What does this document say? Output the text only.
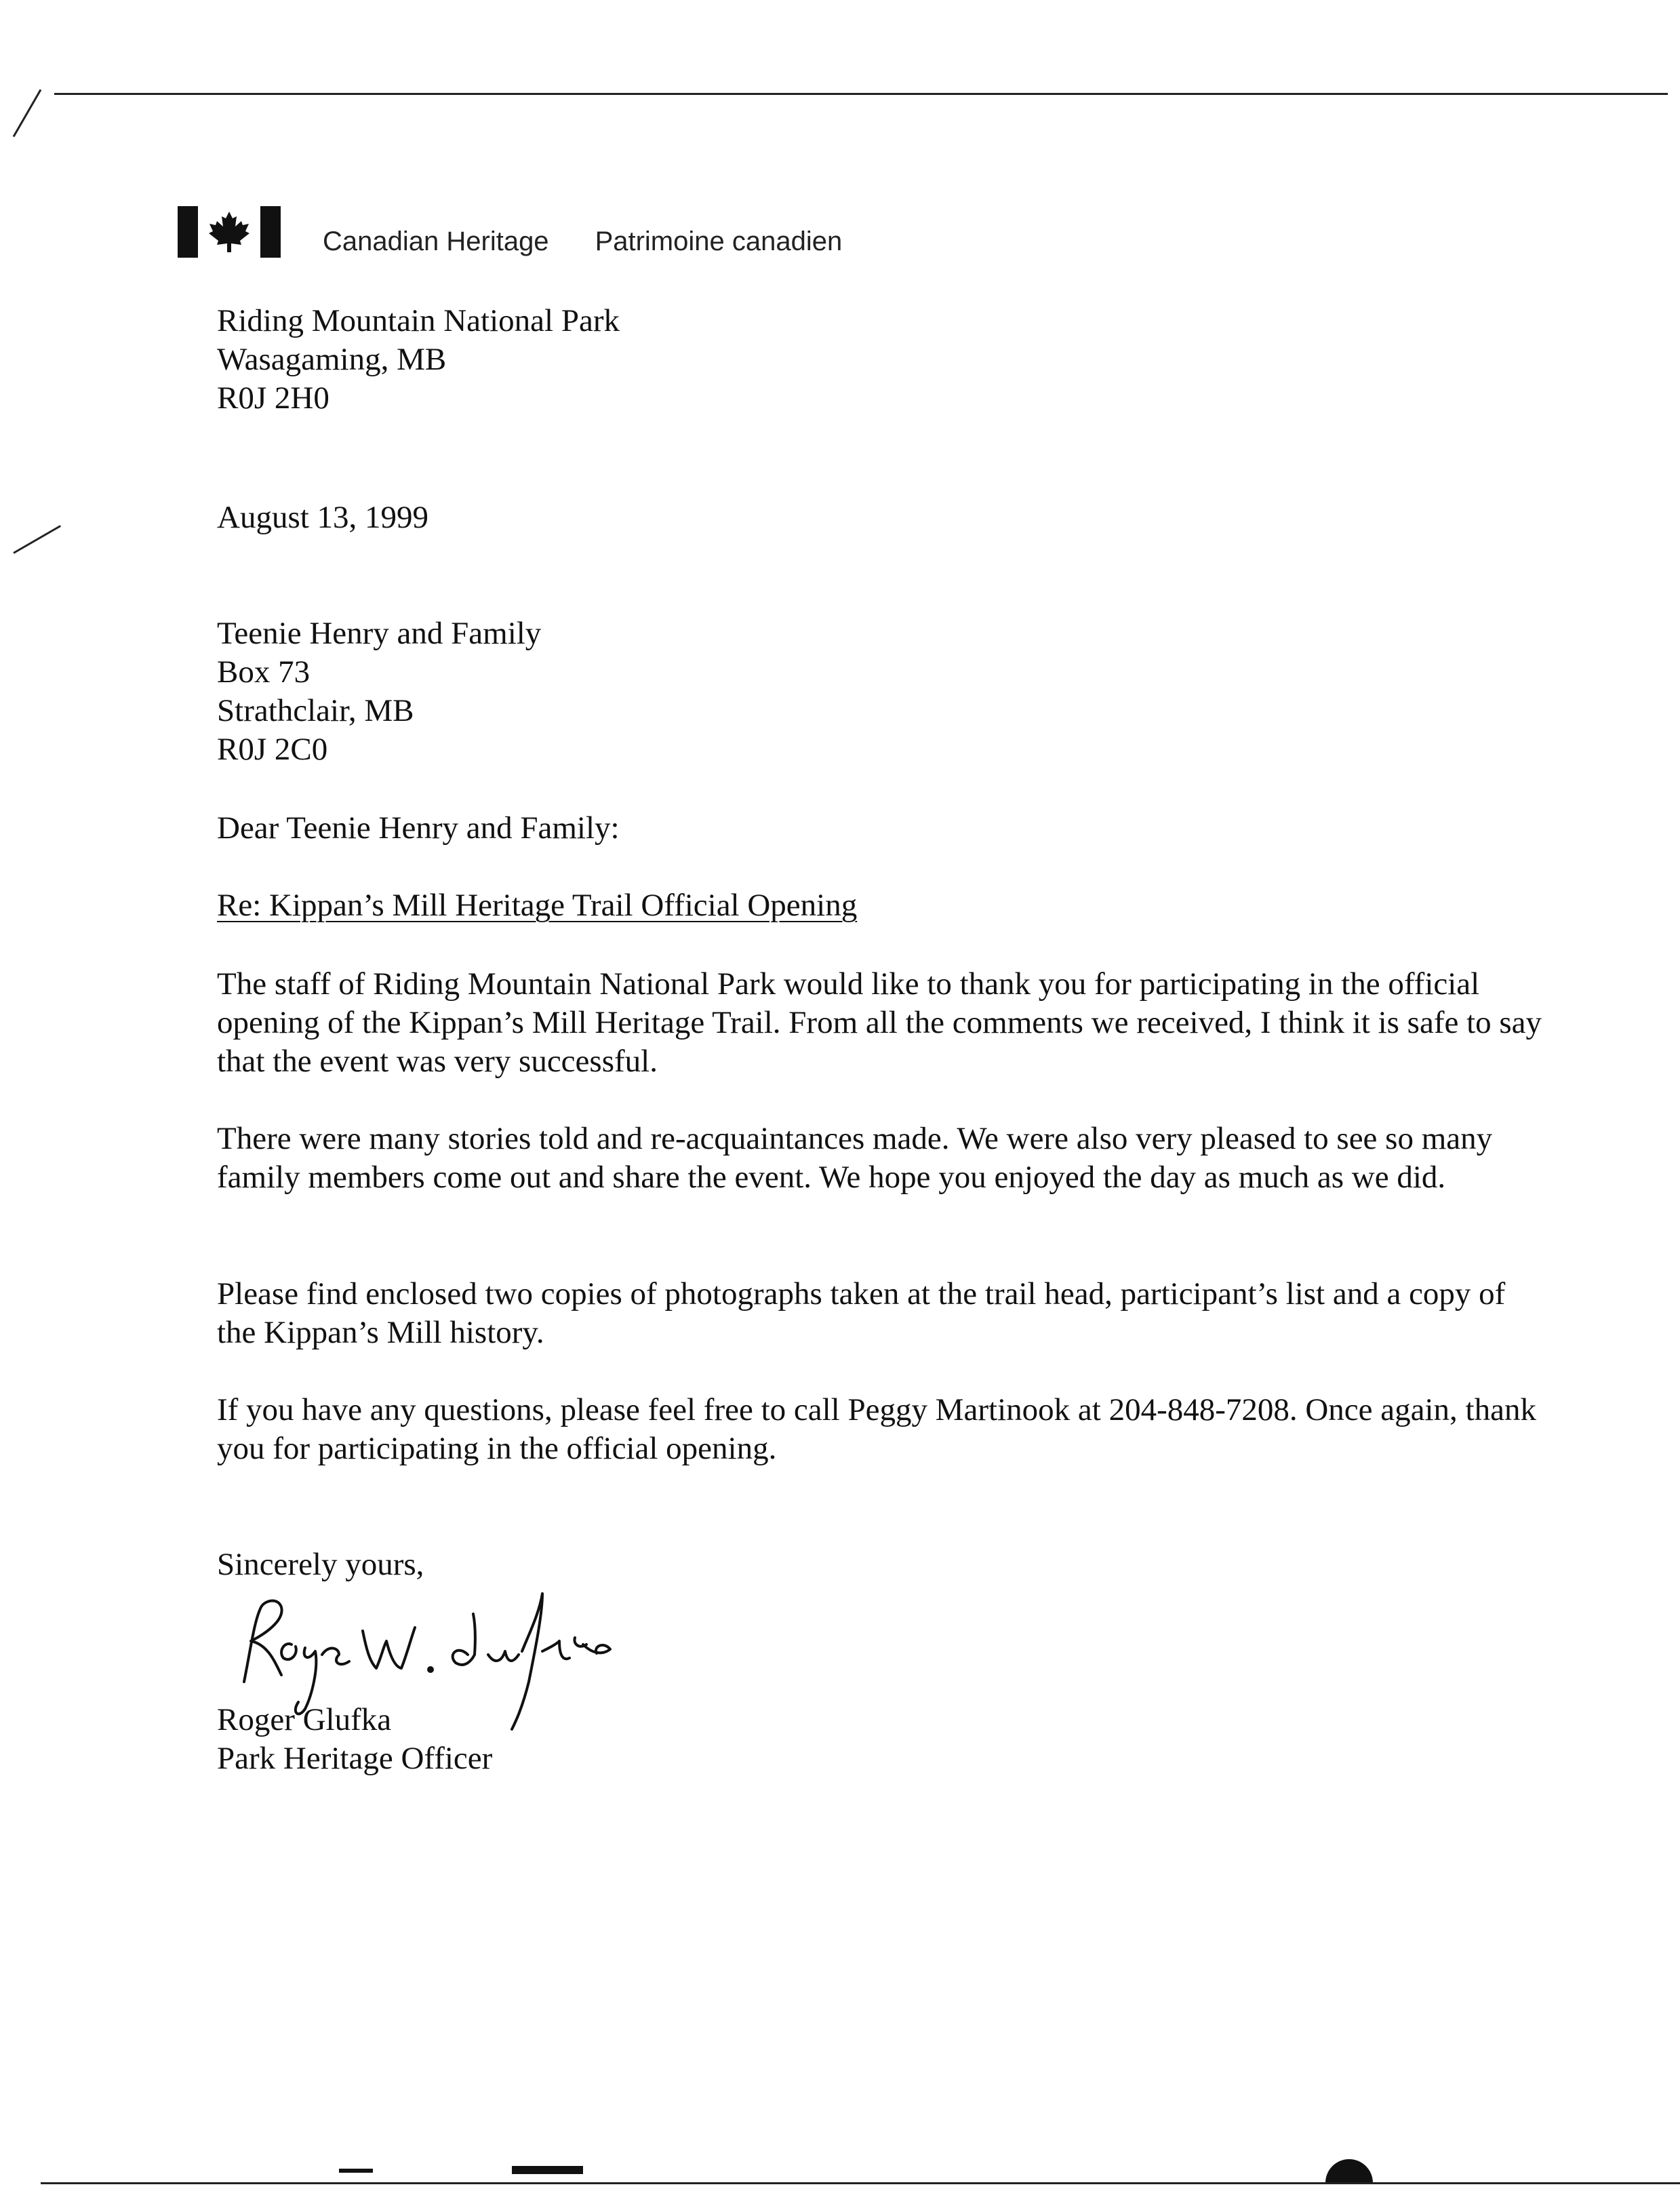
Canadian Heritage Patrimoine canadien
Riding Mountain National Park
Wasagaming, MB
R0J 2H0
August 13, 1999
Teenie Henry and Family
Box 73
Strathclair, MB
R0J 2C0
Dear Teenie Henry and Family:
Re: Kippan’s Mill Heritage Trail Official Opening

The staff of Riding Mountain National Park would like to thank you for participating in the official opening of the Kippan’s Mill Heritage Trail. From all the comments we received, I think it is safe to say that the event was very successful.

There were many stories told and re-acquaintances made. We were also very pleased to see so many family members come out and share the event. We hope you enjoyed the day as much as we did.

Please find enclosed two copies of photographs taken at the trail head, participant’s list and a copy of the Kippan’s Mill history.

If you have any questions, please feel free to call Peggy Martinook at 204-848-7208. Once again, thank you for participating in the official opening.

Sincerely yours,
Roger Glufka
Park Heritage Officer
